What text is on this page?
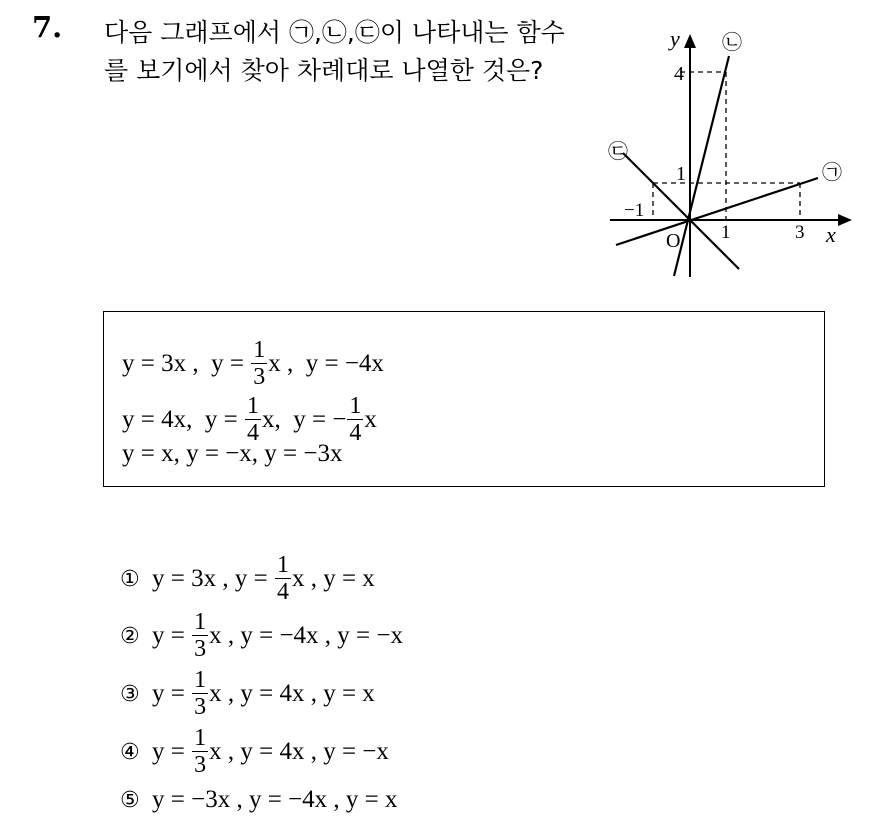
7. 다음 그래프에서 ㉠,㉡,㉢이 나타내는 함수
를 보기에서 찾아 차례대로 나열한 것은?
y
x
O
4
1
1	3
−1
㉡
㉠
㉢
y = 3x , $y = \frac{1}{3}$ x , y = −4x
y = 4x, $y = \frac{1}{4} x$, y = − $\frac{1}{4}$ x
y = x, y = −x, y = −3x
① y = 3x , $y = \frac{1}{4}$ x , y = x
② $y = \frac{1}{3}$ x , y = −4x , y = −x
③ $y = \frac{1}{3}$ x , y = 4x , y = x
④ $y = \frac{1}{3}$ x , y = 4x , y = −x
⑤ y = −3x , y = −4x , y = x
